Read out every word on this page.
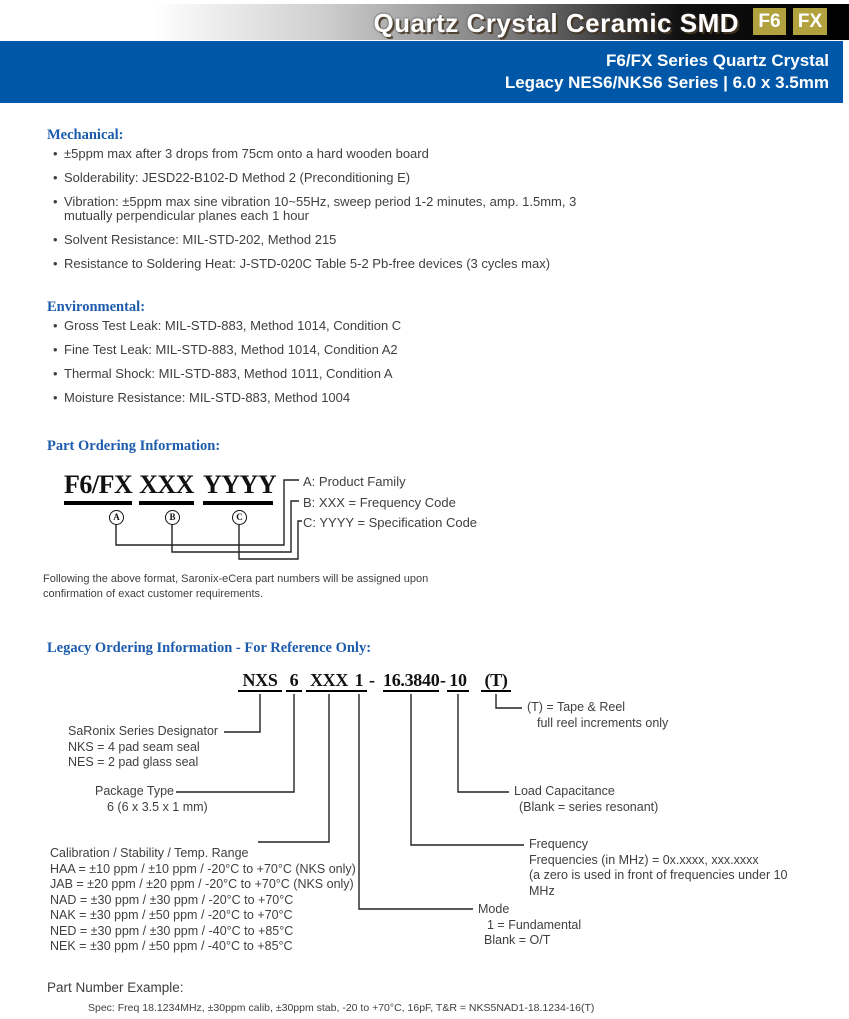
Quartz Crystal Ceramic SMD F6 FX
F6/FX Series Quartz Crystal
Legacy NES6/NKS6 Series | 6.0 x 3.5mm
Mechanical:
• ±5ppm max after 3 drops from 75cm onto a hard wooden board
• Solderability: JESD22-B102-D Method 2 (Preconditioning E)
• Vibration: ±5ppm max sine vibration 10~55Hz, sweep period 1-2 minutes, amp. 1.5mm, 3 mutually perpendicular planes each 1 hour
• Solvent Resistance: MIL-STD-202, Method 215
• Resistance to Soldering Heat: J-STD-020C Table 5-2 Pb-free devices (3 cycles max)
Environmental:
• Gross Test Leak: MIL-STD-883, Method 1014, Condition C
• Fine Test Leak: MIL-STD-883, Method 1014, Condition A2
• Thermal Shock: MIL-STD-883, Method 1011, Condition A
• Moisture Resistance: MIL-STD-883, Method 1004
Part Ordering Information:
F6/FX XXX YYYY
A	B	C
A: Product Family
B: XXX = Frequency Code
C: YYYY = Specification Code
Following the above format, Saronix-eCera part numbers will be assigned upon
confirmation of exact customer requirements.
Legacy Ordering Information - For Reference Only:
NXS 6 XXX 1 - 16.3840 - 10 (T)
SaRonix Series Designator
NKS = 4 pad seam seal
NES = 2 pad glass seal
Package Type
6 (6 x 3.5 x 1 mm)
Calibration / Stability / Temp. Range
HAA = ±10 ppm / ±10 ppm / -20°C to +70°C (NKS only)
JAB = ±20 ppm / ±20 ppm / -20°C to +70°C (NKS only)
NAD = ±30 ppm / ±30 ppm / -20°C to +70°C
NAK = ±30 ppm / ±50 ppm / -20°C to +70°C
NED = ±30 ppm / ±30 ppm / -40°C to +85°C
NEK = ±30 ppm / ±50 ppm / -40°C to +85°C
(T) = Tape & Reel
full reel increments only
Load Capacitance
(Blank = series resonant)
Frequency
Frequencies (in MHz) = 0x.xxxx, xxx.xxxx
(a zero is used in front of frequencies under 10
MHz
Mode
1 = Fundamental
Blank = O/T
Part Number Example:
Spec: Freq 18.1234MHz, ±30ppm calib, ±30ppm stab, -20 to +70°C, 16pF, T&R = NKS5NAD1-18.1234-16(T)
